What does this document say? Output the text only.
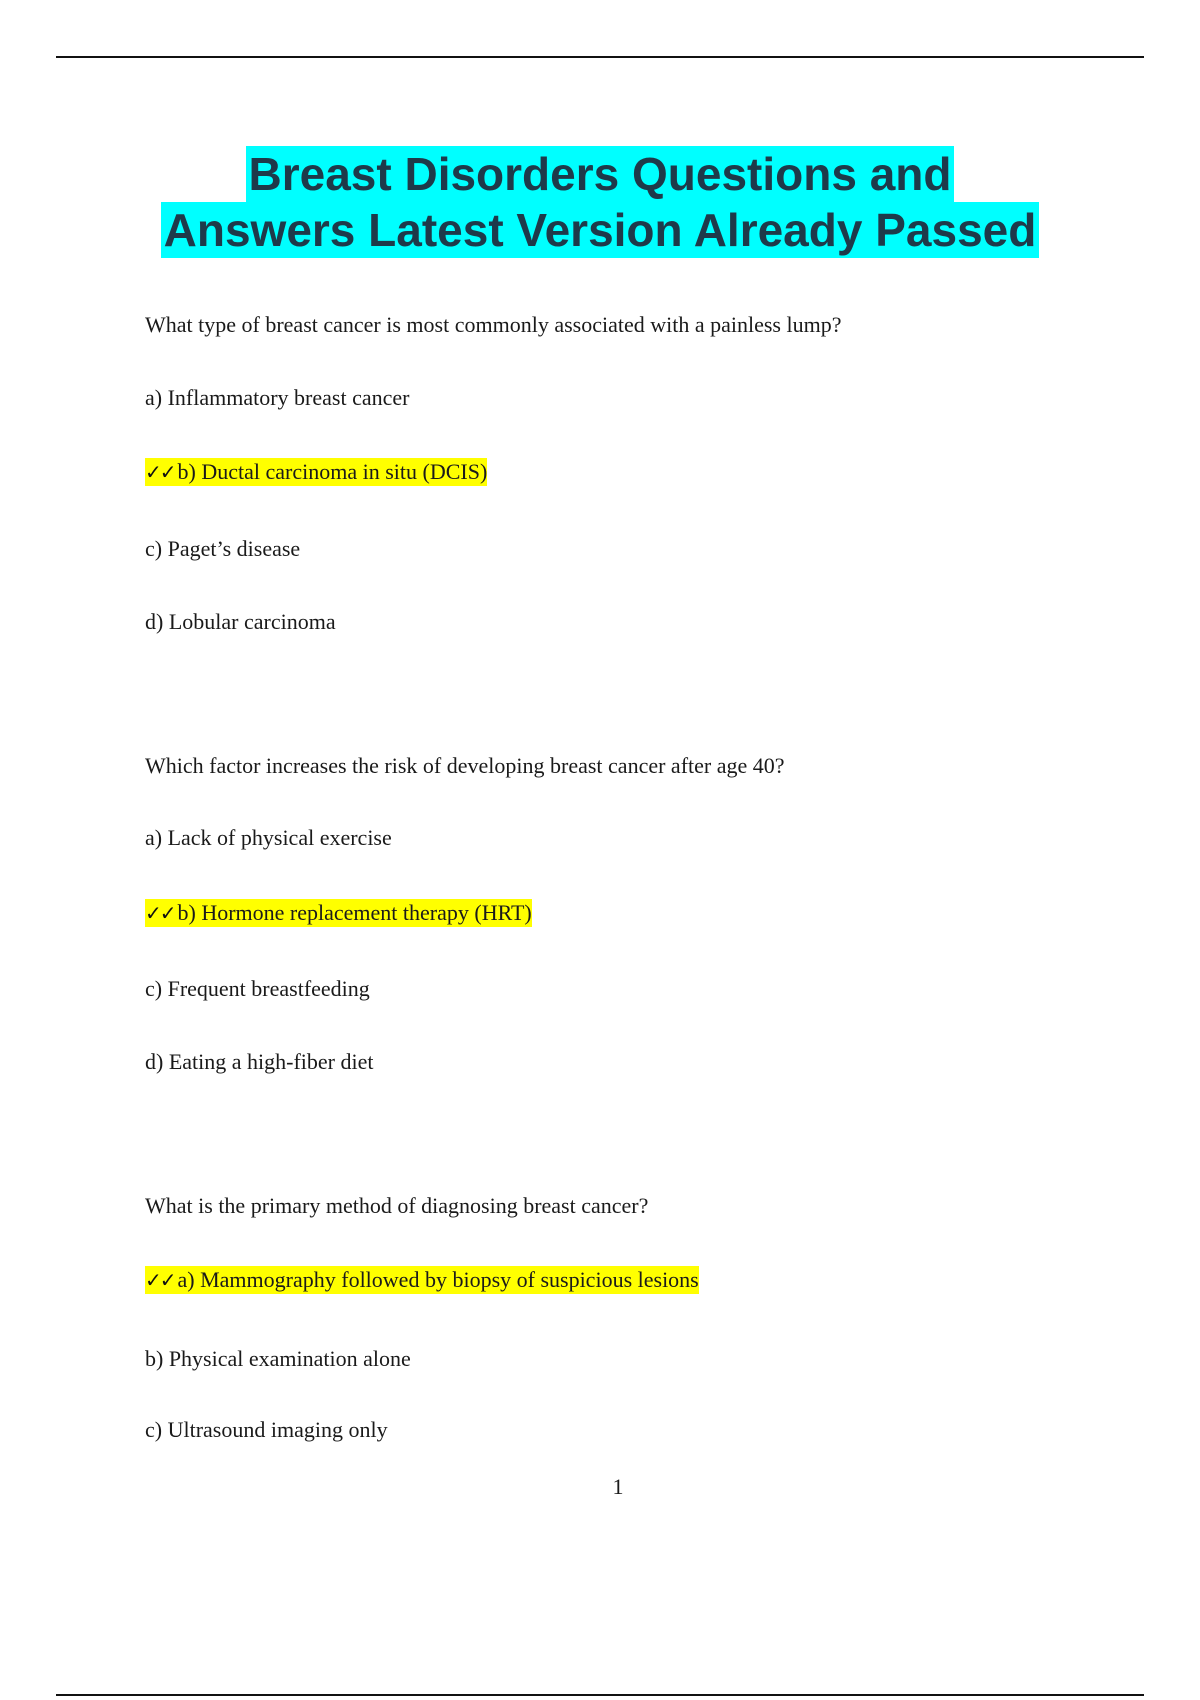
Breast Disorders Questions and
Answers Latest Version Already Passed
What type of breast cancer is most commonly associated with a painless lump?
a) Inflammatory breast cancer
✓✓ b) Ductal carcinoma in situ (DCIS)
c) Paget’s disease
d) Lobular carcinoma
Which factor increases the risk of developing breast cancer after age 40?
a) Lack of physical exercise
✓✓ b) Hormone replacement therapy (HRT)
c) Frequent breastfeeding
d) Eating a high-fiber diet
What is the primary method of diagnosing breast cancer?
✓✓ a) Mammography followed by biopsy of suspicious lesions
b) Physical examination alone
c) Ultrasound imaging only
1
